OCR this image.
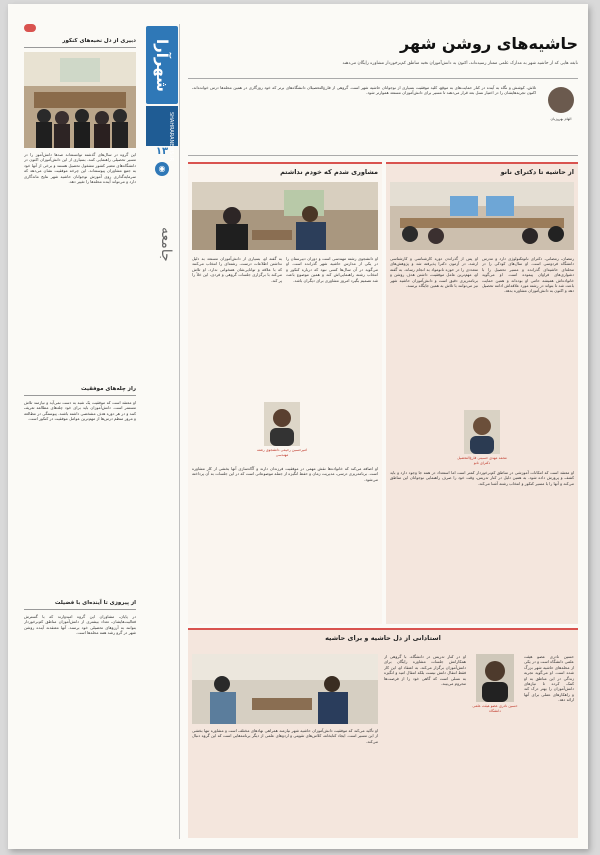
شهرآرا
SHAHRARANEWS.IR
۱۳
◉
جامعه
دبیری از دل نخبه‌های کنکور
این گروه در سال‌های گذشته توانسته‌اند صدها دانش‌آموز را در مسیر تحصیلی راهنمایی کنند. بسیاری از این دانش‌آموزان اکنون در دانشگاه‌های معتبر کشور مشغول تحصیل هستند و برخی از آنها خود به جمع مشاوران پیوسته‌اند. این چرخه موفقیت نشان می‌دهد که سرمایه‌گذاری روی آموزش نوجوانان حاشیه شهر نتایج ماندگاری دارد و می‌تواند آینده محله‌ها را تغییر دهد.
راز چله‌های موفقیت
او معتقد است که موفقیت یک شبه به دست نمی‌آید و نیازمند تلاش مستمر است. دانش‌آموزان باید برای خود چله‌های مطالعه تعریف کنند و در هر دوره هدف مشخصی داشته باشند. پیوستگی در مطالعه و مرور منظم درس‌ها از مهم‌ترین عوامل موفقیت در کنکور است.
از پیروزی تا آینده‌ای با فضیلت
در پایان، مشاوران این گروه امیدوارند که با گسترش فعالیت‌هایشان، تعداد بیشتری از دانش‌آموزان مناطق کم‌برخوردار بتوانند به آرزوهای تحصیلی خود برسند. آنها معتقدند آینده روشن شهر در گرو رشد همه محله‌ها است.
حاشیه‌های روشن شهر
نابغه هایی که از حاشیه شهر به مدارک علمی ممتاز رسیده‌اند، اکنون به دانش‌آموزان نخبه مناطق کم‌برخوردار مشاوره رایگان می‌دهند
الهام بهروزیان
تلاش، کوشش و نگاه به آینده در کنار حمایت‌های به موقع، کلید موفقیت بسیاری از نوجوانان حاشیه شهر است. گروهی از فارغ‌التحصیلان دانشگاه‌های برتر که خود روزگاری در همین محله‌ها درس خوانده‌اند، اکنون تجربه‌هایشان را در اختیار نسل بعد قرار می‌دهند تا مسیر برای دانش‌آموزان مستعد هموارتر شود.
از حاشیه تا دکترای نانو
رمضان، رمضانی، دکترای نانوتکنولوژی دارد و مدرس دانشگاه فردوسی است. او سال‌های کودکی را در محله‌ای حاشیه‌ای گذرانده و مسیر تحصیل را با دشواری‌های فراوان پیموده است. او می‌گوید خانواده‌اش همیشه حامی او بوده‌اند و همین حمایت باعث شد تا بتواند در رشته مورد علاقه‌اش ادامه تحصیل دهد و اکنون به دانش‌آموزان مشاوره بدهد.
او پس از گذراندن دوره کارشناسی و کارشناسی ارشد، در آزمون دکترا پذیرفته شد و پژوهش‌های متعددی را در حوزه نانومواد به انجام رساند. به گفته او، مهم‌ترین عامل موفقیت، داشتن هدف روشن و برنامه‌ریزی دقیق است و دانش‌آموزان حاشیه شهر نیز می‌توانند با تلاش به همین جایگاه برسند.
محمد مهدی حسینی فارغ‌التحصیل دکترای نانو
او معتقد است که امکانات آموزشی در مناطق کم‌برخوردار کمتر است اما استعداد در همه جا وجود دارد و باید کشف و پرورش داده شود. به همین دلیل در کنار تدریس، وقت خود را صرف راهنمایی نوجوانان این مناطق می‌کند و آنها را با مسیر کنکور و انتخاب رشته آشنا می‌کند.
مشاوری شدم که خودم نداشتم
او دانشجوی رشته مهندسی است و دوران دبیرستان را در یکی از مدارس حاشیه شهر گذرانده است. او می‌گوید در آن سال‌ها کسی نبود که درباره کنکور و انتخاب رشته راهنمایی‌اش کند و همین موضوع باعث شد تصمیم بگیرد امروز مشاوری برای دیگران باشد.
امیرحسین رحیمی دانشجوی رشته مهندسی
به گفته او، بسیاری از دانش‌آموزان مستعد به دلیل نداشتن اطلاعات درست، رشته‌ای را انتخاب می‌کنند که با علاقه و توانایی‌شان همخوانی ندارد. او تلاش می‌کند با برگزاری جلسات گروهی و فردی، این خلأ را پر کند.
او اضافه می‌کند که خانواده‌ها نقش مهمی در موفقیت فرزندان دارند و آگاه‌سازی آنها بخشی از کار مشاوره است. برنامه‌ریزی درسی، مدیریت زمان و حفظ انگیزه از جمله موضوعاتی است که در این جلسات به آن پرداخته می‌شود.
استادانی از دل حاشیه و برای حاشیه
حسین نادری عضو هیئت علمی دانشگاه
حسین نادری عضو هیئت علمی دانشگاه است و در یکی از محله‌های حاشیه شهر بزرگ شده است. او می‌گوید تجربه زندگی در این مناطق به او کمک کرده تا نیازهای دانش‌آموزان را بهتر درک کند و راهکارهای عملی برای آنها ارائه دهد.
او در کنار تدریس در دانشگاه، با گروهی از همکارانش جلسات مشاوره رایگان برای دانش‌آموزان برگزار می‌کند. به اعتقاد او، این کار فقط انتقال دانش نیست بلکه انتقال امید و انگیزه به نسلی است که گاهی خود را از فرصت‌ها محروم می‌بیند.
او تأکید می‌کند که موفقیت دانش‌آموزان حاشیه شهر نیازمند همراهی نهادهای مختلف است و مشاوره تنها بخشی از این مسیر است. ایجاد کتابخانه، کلاس‌های تقویتی و اردوهای علمی از دیگر برنامه‌هایی است که این گروه دنبال می‌کند.
